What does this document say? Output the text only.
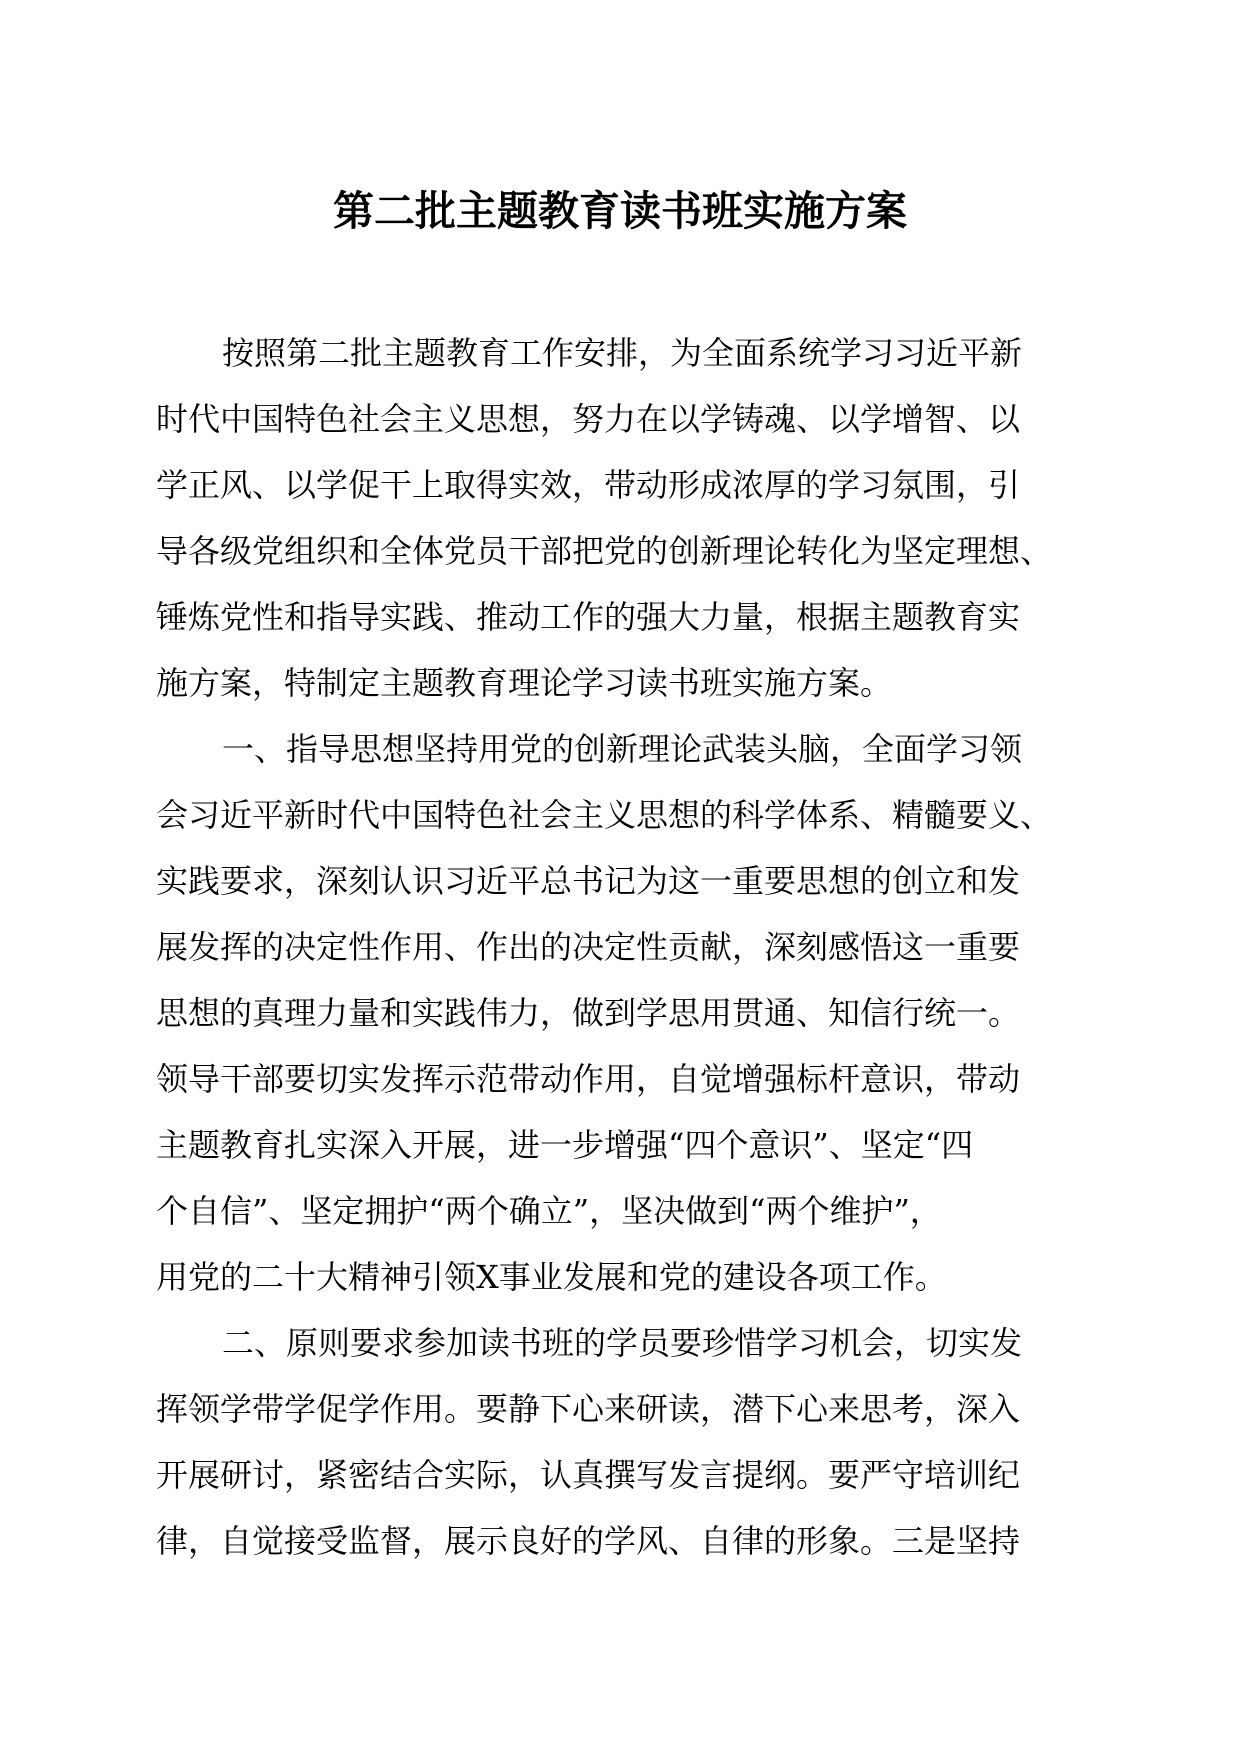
第二批主题教育读书班实施方案
按照第二批主题教育工作安排，为全面系统学习习近平新
时代中国特色社会主义思想，努力在以学铸魂、以学增智、以
学正风、以学促干上取得实效，带动形成浓厚的学习氛围，引
导各级党组织和全体党员干部把党的创新理论转化为坚定理想、
锤炼党性和指导实践、推动工作的强大力量，根据主题教育实
施方案，特制定主题教育理论学习读书班实施方案。
一、指导思想坚持用党的创新理论武装头脑，全面学习领
会习近平新时代中国特色社会主义思想的科学体系、精髓要义、
实践要求，深刻认识习近平总书记为这一重要思想的创立和发
展发挥的决定性作用、作出的决定性贡献，深刻感悟这一重要
思想的真理力量和实践伟力，做到学思用贯通、知信行统一。
领导干部要切实发挥示范带动作用，自觉增强标杆意识，带动
主题教育扎实深入开展，进一步增强“四个意识”、坚定“四
个自信”、坚定拥护“两个确立”，坚决做到“两个维护”，
用党的二十大精神引领X事业发展和党的建设各项工作。
二、原则要求参加读书班的学员要珍惜学习机会，切实发
挥领学带学促学作用。要静下心来研读，潜下心来思考，深入
开展研讨，紧密结合实际，认真撰写发言提纲。要严守培训纪
律，自觉接受监督，展示良好的学风、自律的形象。三是坚持
